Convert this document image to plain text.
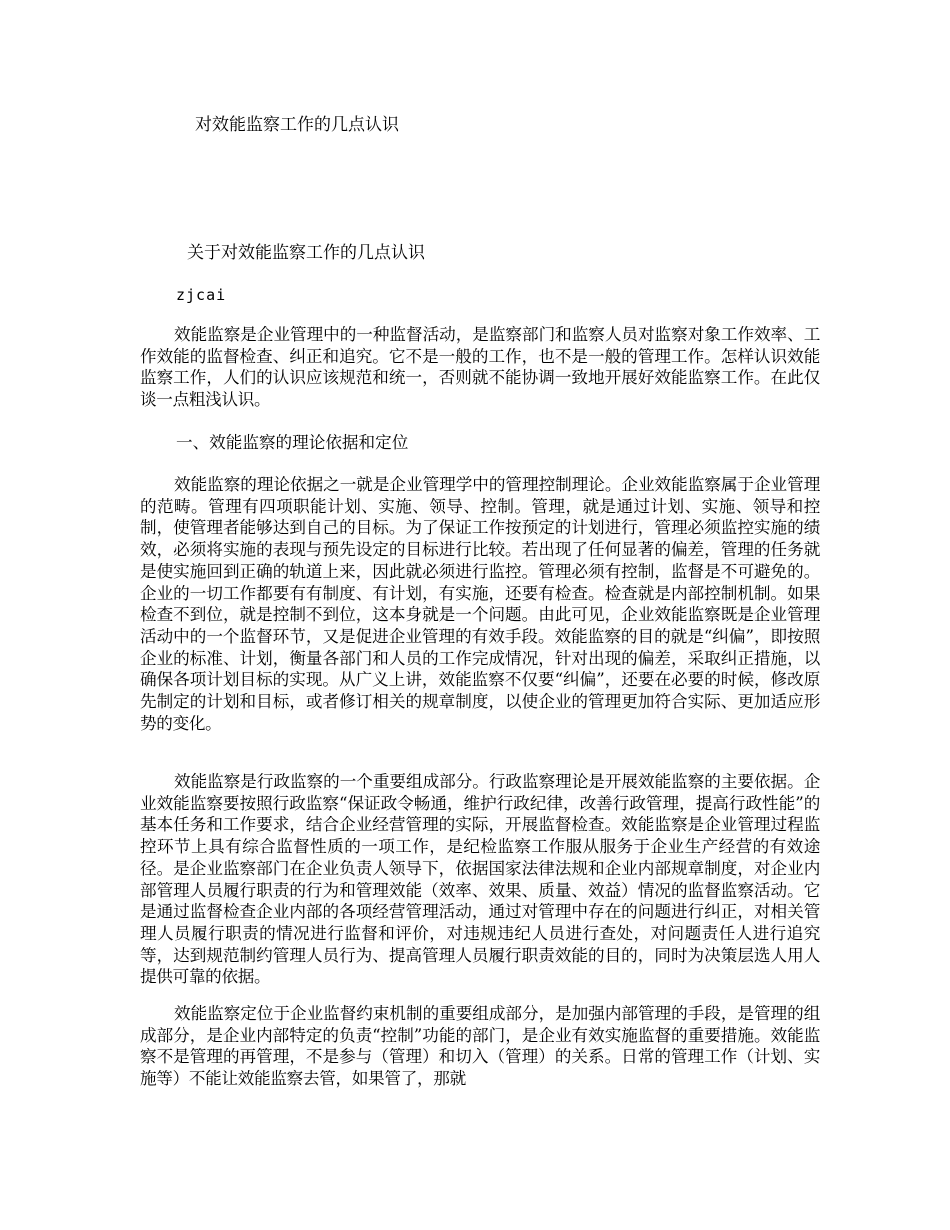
对效能监察工作的几点认识
关于对效能监察工作的几点认识

zjcai

效能监察是企业管理中的一种监督活动，是监察部门和监察人员对监察对象工作效率、工作效能的监督检查、纠正和追究。它不是一般的工作，也不是一般的管理工作。怎样认识效能监察工作，人们的认识应该规范和统一，否则就不能协调一致地开展好效能监察工作。在此仅谈一点粗浅认识。

一、效能监察的理论依据和定位

效能监察的理论依据之一就是企业管理学中的管理控制理论。企业效能监察属于企业管理的范畴。管理有四项职能计划、实施、领导、控制。管理，就是通过计划、实施、领导和控制，使管理者能够达到自己的目标。为了保证工作按预定的计划进行，管理必须监控实施的绩效，必须将实施的表现与预先设定的目标进行比较。若出现了任何显著的偏差，管理的任务就是使实施回到正确的轨道上来，因此就必须进行监控。管理必须有控制，监督是不可避免的。企业的一切工作都要有有制度、有计划，有实施，还要有检查。检查就是内部控制机制。如果检查不到位，就是控制不到位，这本身就是一个问题。由此可见，企业效能监察既是企业管理活动中的一个监督环节，又是促进企业管理的有效手段。效能监察的目的就是“纠偏”，即按照企业的标准、计划，衡量各部门和人员的工作完成情况，针对出现的偏差，采取纠正措施，以确保各项计划目标的实现。从广义上讲，效能监察不仅要“纠偏”，还要在必要的时候，修改原先制定的计划和目标，或者修订相关的规章制度，以使企业的管理更加符合实际、更加适应形势的变化。

效能监察是行政监察的一个重要组成部分。行政监察理论是开展效能监察的主要依据。企业效能监察要按照行政监察“保证政令畅通，维护行政纪律，改善行政管理，提高行政性能”的基本任务和工作要求，结合企业经营管理的实际，开展监督检查。效能监察是企业管理过程监控环节上具有综合监督性质的一项工作，是纪检监察工作服从服务于企业生产经营的有效途径。是企业监察部门在企业负责人领导下，依据国家法律法规和企业内部规章制度，对企业内部管理人员履行职责的行为和管理效能（效率、效果、质量、效益）情况的监督监察活动。它是通过监督检查企业内部的各项经营管理活动，通过对管理中存在的问题进行纠正，对相关管理人员履行职责的情况进行监督和评价，对违规违纪人员进行查处，对问题责任人进行追究等，达到规范制约管理人员行为、提高管理人员履行职责效能的目的，同时为决策层选人用人提供可靠的依据。

效能监察定位于企业监督约束机制的重要组成部分，是加强内部管理的手段，是管理的组成部分，是企业内部特定的负责“控制”功能的部门，是企业有效实施监督的重要措施。效能监察不是管理的再管理，不是参与（管理）和切入（管理）的关系。日常的管理工作（计划、实施等）不能让效能监察去管，如果管了，那就
